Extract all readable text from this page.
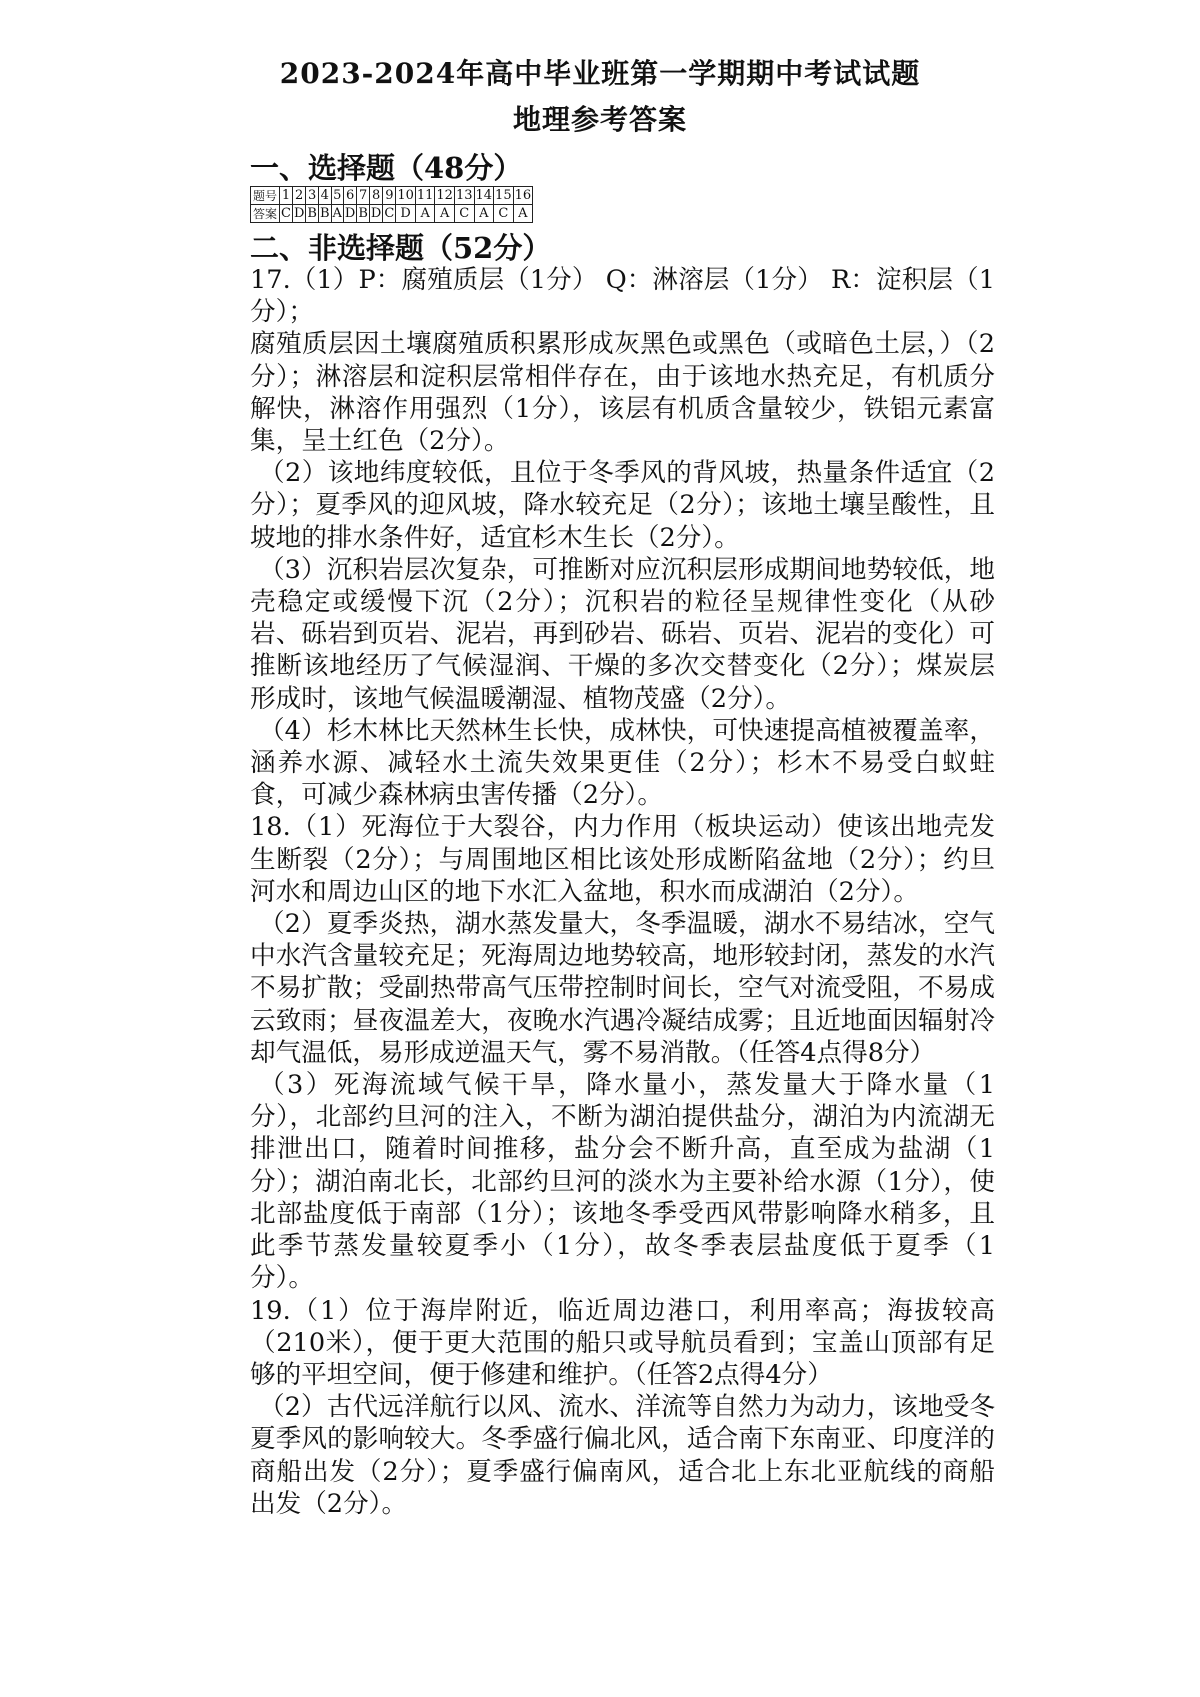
2023-2024年高中毕业班第一学期期中考试试题
地理参考答案
一、选择题（48分）
题号	1	2	3	4	5	6	7	8	9	10	11	12	13	14	15	16
答案	C	D	B	B	A	D	B	D	C	D	A	A	C	A	C	A
二、非选择题（52分）

17.（1）P：腐殖质层（1分） Q：淋溶层（1分） R：淀积层（1分）；

腐殖质层因土壤腐殖质积累形成灰黑色或黑色（或暗色土层，）（2分）；淋溶层和淀积层常相伴存在，由于该地水热充足，有机质分解快，淋溶作用强烈（1分），该层有机质含量较少，铁铝元素富集，呈土红色（2分）。

（2）该地纬度较低，且位于冬季风的背风坡，热量条件适宜（2分）；夏季风的迎风坡，降水较充足（2分）；该地土壤呈酸性，且坡地的排水条件好，适宜杉木生长（2分）。

（3）沉积岩层次复杂，可推断对应沉积层形成期间地势较低，地壳稳定或缓慢下沉（2分）；沉积岩的粒径呈规律性变化（从砂岩、砾岩到页岩、泥岩，再到砂岩、砾岩、页岩、泥岩的变化）可推断该地经历了气候湿润、干燥的多次交替变化（2分）；煤炭层形成时，该地气候温暖潮湿、植物茂盛（2分）。

（4）杉木林比天然林生长快，成林快，可快速提高植被覆盖率，涵养水源、减轻水土流失效果更佳（2分）；杉木不易受白蚁蛀食，可减少森林病虫害传播（2分）。

18.（1）死海位于大裂谷，内力作用（板块运动）使该出地壳发生断裂（2分）；与周围地区相比该处形成断陷盆地（2分）；约旦河水和周边山区的地下水汇入盆地，积水而成湖泊（2分）。

（2）夏季炎热，湖水蒸发量大，冬季温暖，湖水不易结冰，空气中水汽含量较充足；死海周边地势较高，地形较封闭，蒸发的水汽不易扩散；受副热带高气压带控制时间长，空气对流受阻，不易成云致雨；昼夜温差大，夜晚水汽遇冷凝结成雾；且近地面因辐射冷却气温低，易形成逆温天气，雾不易消散。（任答4点得8分）

（3）死海流域气候干旱，降水量小，蒸发量大于降水量（1分），北部约旦河的注入，不断为湖泊提供盐分，湖泊为内流湖无排泄出口，随着时间推移，盐分会不断升高，直至成为盐湖（1分）；湖泊南北长，北部约旦河的淡水为主要补给水源（1分），使北部盐度低于南部（1分）；该地冬季受西风带影响降水稍多，且此季节蒸发量较夏季小（1分），故冬季表层盐度低于夏季（1分）。

19.（1）位于海岸附近，临近周边港口，利用率高；海拔较高（210米），便于更大范围的船只或导航员看到；宝盖山顶部有足够的平坦空间，便于修建和维护。（任答2点得4分）

（2）古代远洋航行以风、流水、洋流等自然力为动力，该地受冬夏季风的影响较大。冬季盛行偏北风，适合南下东南亚、印度洋的商船出发（2分）；夏季盛行偏南风，适合北上东北亚航线的商船出发（2分）。
